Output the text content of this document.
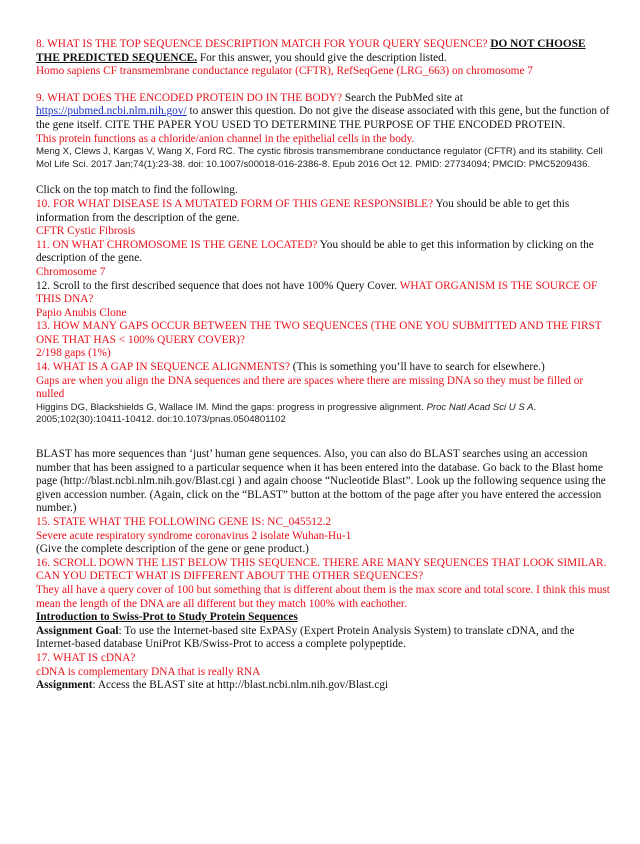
8. WHAT IS THE TOP SEQUENCE DESCRIPTION MATCH FOR YOUR QUERY SEQUENCE? DO NOT CHOOSE THE PREDICTED SEQUENCE. For this answer, you should give the description listed.

Homo sapiens CF transmembrane conductance regulator (CFTR), RefSeqGene (LRG_663) on chromosome 7

9. WHAT DOES THE ENCODED PROTEIN DO IN THE BODY? Search the PubMed site at https://pubmed.ncbi.nlm.nih.gov/ to answer this question. Do not give the disease associated with this gene, but the function of the gene itself. CITE THE PAPER YOU USED TO DETERMINE THE PURPOSE OF THE ENCODED PROTEIN.

This protein functions as a chloride/anion channel in the epithelial cells in the body.

Meng X, Clews J, Kargas V, Wang X, Ford RC. The cystic fibrosis transmembrane conductance regulator (CFTR) and its stability. Cell Mol Life Sci. 2017 Jan;74(1):23-38. doi: 10.1007/s00018-016-2386-8. Epub 2016 Oct 12. PMID: 27734094; PMCID: PMC5209436.

Click on the top match to find the following.

10. FOR WHAT DISEASE IS A MUTATED FORM OF THIS GENE RESPONSIBLE? You should be able to get this information from the description of the gene.

CFTR Cystic Fibrosis

11. ON WHAT CHROMOSOME IS THE GENE LOCATED? You should be able to get this information by clicking on the description of the gene.

Chromosome 7

12. Scroll to the first described sequence that does not have 100% Query Cover. WHAT ORGANISM IS THE SOURCE OF THIS DNA?

Papio Anubis Clone

13. HOW MANY GAPS OCCUR BETWEEN THE TWO SEQUENCES (THE ONE YOU SUBMITTED AND THE FIRST ONE THAT HAS < 100% QUERY COVER)?

2/198 gaps (1%)

14. WHAT IS A GAP IN SEQUENCE ALIGNMENTS? (This is something you’ll have to search for elsewhere.)

Gaps are when you align the DNA sequences and there are spaces where there are missing DNA so they must be filled or nulled

Higgins DG, Blackshields G, Wallace IM. Mind the gaps: progress in progressive alignment. Proc Natl Acad Sci U S A. 2005;102(30):10411-10412. doi:10.1073/pnas.0504801102

BLAST has more sequences than ‘just’ human gene sequences. Also, you can also do BLAST searches using an accession number that has been assigned to a particular sequence when it has been entered into the database. Go back to the Blast home page (http://blast.ncbi.nlm.nih.gov/Blast.cgi ) and again choose “Nucleotide Blast”. Look up the following sequence using the given accession number. (Again, click on the “BLAST” button at the bottom of the page after you have entered the accession number.)

15. STATE WHAT THE FOLLOWING GENE IS: NC_045512.2

Severe acute respiratory syndrome coronavirus 2 isolate Wuhan-Hu-1

(Give the complete description of the gene or gene product.)

16. SCROLL DOWN THE LIST BELOW THIS SEQUENCE. THERE ARE MANY SEQUENCES THAT LOOK SIMILAR. CAN YOU DETECT WHAT IS DIFFERENT ABOUT THE OTHER SEQUENCES?

They all have a query cover of 100 but something that is different about them is the max score and total score. I think this must mean the length of the DNA are all different but they match 100% with eachother.

Introduction to Swiss-Prot to Study Protein Sequences

Assignment Goal: To use the Internet-based site ExPASy (Expert Protein Analysis System) to translate cDNA, and the Internet-based database UniProt KB/Swiss-Prot to access a complete polypeptide.

17. WHAT IS cDNA?

cDNA is complementary DNA that is really RNA

Assignment: Access the BLAST site at http://blast.ncbi.nlm.nih.gov/Blast.cgi
